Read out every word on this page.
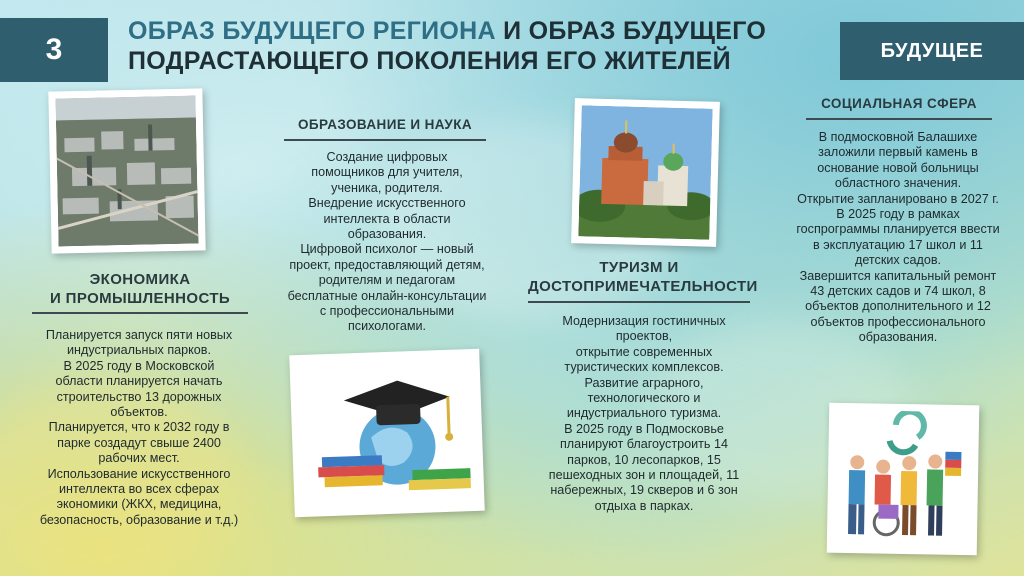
3
ОБРАЗ БУДУЩЕГО РЕГИОНА И ОБРАЗ БУДУЩЕГО
ПОДРАСТАЮЩЕГО ПОКОЛЕНИЯ ЕГО ЖИТЕЛЕЙ	БУДУЩЕЕ
ЭКОНОМИКА
И ПРОМЫШЛЕННОСТЬ

Планируется запуск пяти новых
индустриальных парков.
В 2025 году в Московской
области планируется начать
строительство 13 дорожных
объектов.
Планируется, что к 2032 году в
парке создадут свыше 2400
рабочих мест.
Использование искусственного
интеллекта во всех сферах
экономики (ЖКХ, медицина,
безопасность, образование и т.д.)

ОБРАЗОВАНИЕ И НАУКА

Создание цифровых
помощников для учителя,
ученика, родителя.
Внедрение искусственного
интеллекта в области
образования.
Цифровой психолог — новый
проект, предоставляющий детям,
родителям и педагогам
бесплатные онлайн-консультации
с профессиональными
психологами.

ТУРИЗМ И
ДОСТОПРИМЕЧАТЕЛЬНОСТИ

Модернизация гостиничных
проектов,
открытие современных
туристических комплексов.
Развитие аграрного,
технологического и
индустриального туризма.
В 2025 году в Подмосковье
планируют благоустроить 14
парков, 10 лесопарков, 15
пешеходных зон и площадей, 11
набережных, 19 скверов и 6 зон
отдыха в парках.

СОЦИАЛЬНАЯ СФЕРА

В подмосковной Балашихе
заложили первый камень в
основание новой больницы
областного значения.
Открытие запланировано в 2027 г.
В 2025 году в рамках
госпрограммы планируется ввести
в эксплуатацию 17 школ и 11
детских садов.
Завершится капитальный ремонт
43 детских садов и 74 школ, 8
объектов дополнительного и 12
объектов профессионального
образования.
